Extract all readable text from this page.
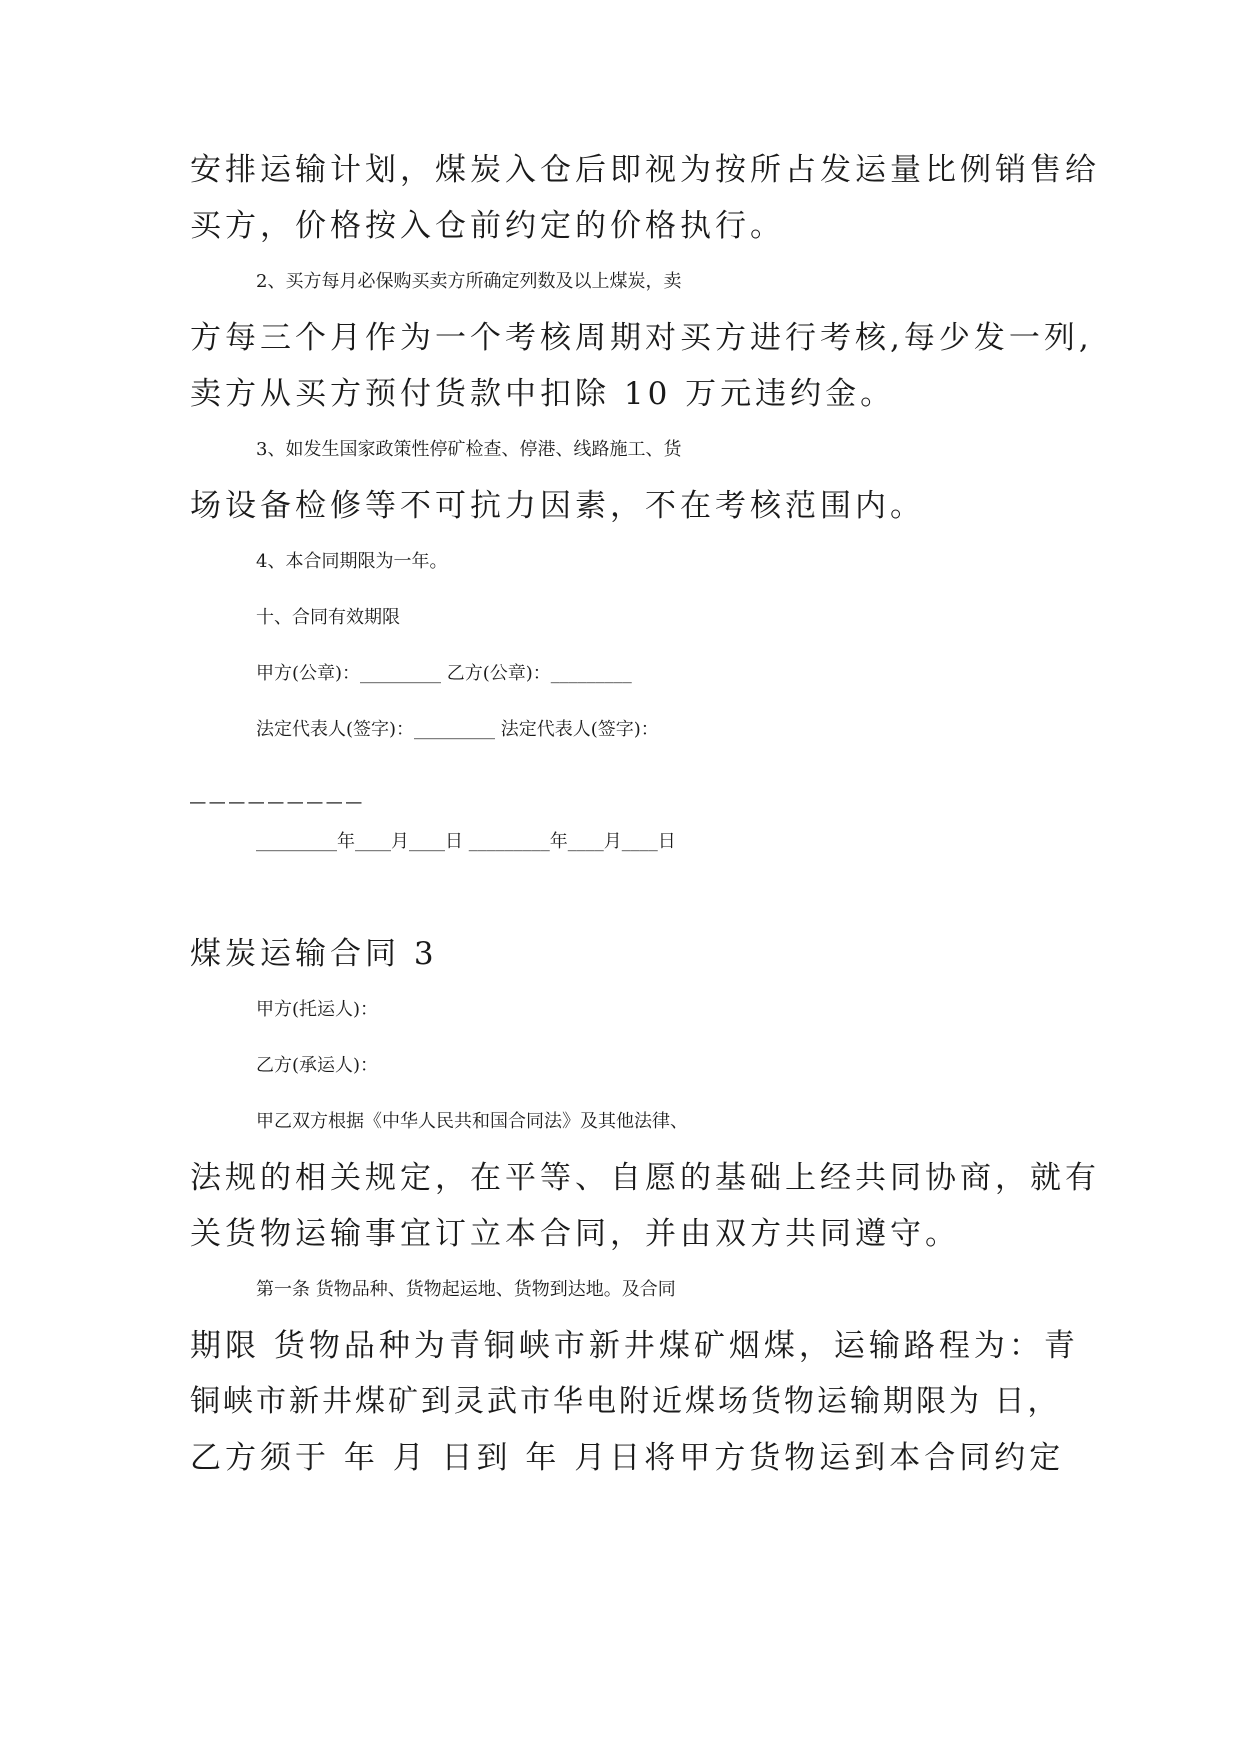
安排运输计划，煤炭入仓后即视为按所占发运量比例销售给
买方，价格按入仓前约定的价格执行。
2、买方每月必保购买卖方所确定列数及以上煤炭，卖
方每三个月作为一个考核周期对买方进行考核,每少发一列,
卖方从买方预付货款中扣除 10 万元违约金。
3、如发生国家政策性停矿检查、停港、线路施工、货
场设备检修等不可抗力因素，不在考核范围内。
4、本合同期限为一年。
十、合同有效期限
甲方(公章)：_________ 乙方(公章)：_________
法定代表人(签字)：_________ 法定代表人(签字)：
_________
_________年____月____日 _________年____月____日
煤炭运输合同 3
甲方(托运人)：
乙方(承运人)：
甲乙双方根据《中华人民共和国合同法》及其他法律、
法规的相关规定，在平等、自愿的基础上经共同协商，就有
关货物运输事宜订立本合同，并由双方共同遵守。
第一条 货物品种、货物起运地、货物到达地。及合同
期限 货物品种为青铜峡市新井煤矿烟煤，运输路程为：青
铜峡市新井煤矿到灵武市华电附近煤场货物运输期限为 日，
乙方须于 年 月 日到 年 月日将甲方货物运到本合同约定
